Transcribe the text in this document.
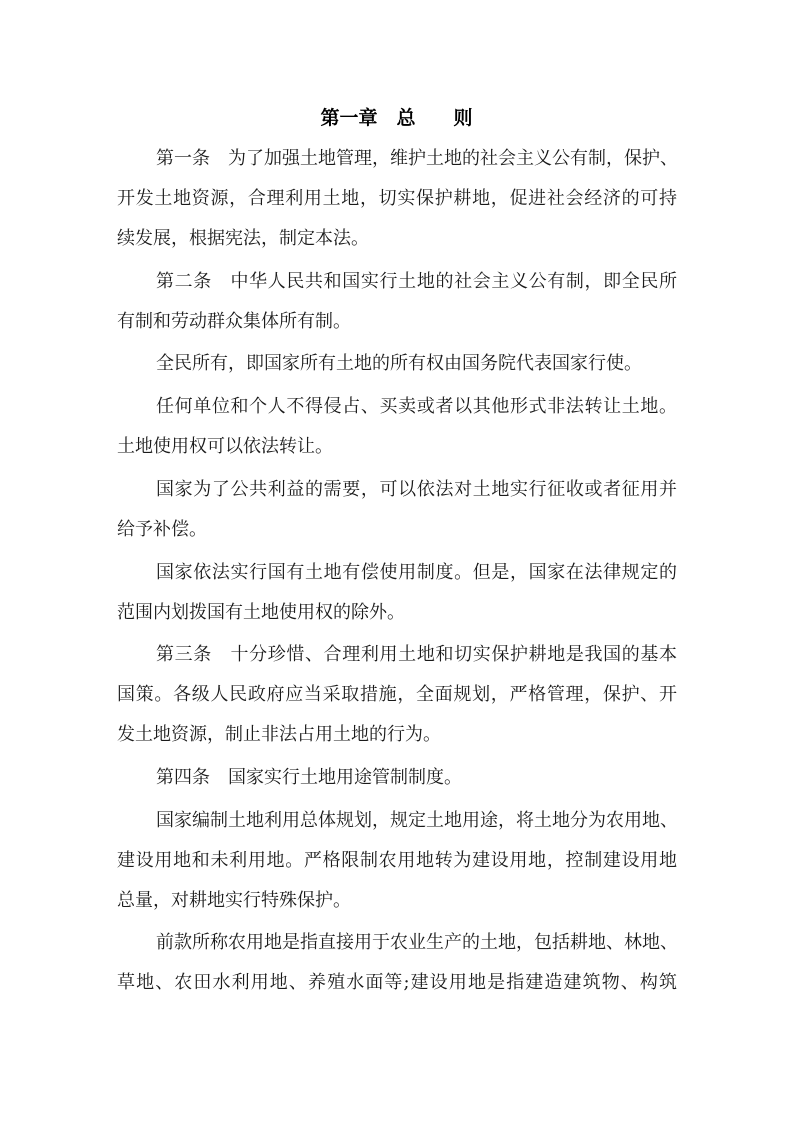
第一章　总　　则
第一条　为了加强土地管理，维护土地的社会主义公有制，保护、
开发土地资源，合理利用土地，切实保护耕地，促进社会经济的可持
续发展，根据宪法，制定本法。
第二条　中华人民共和国实行土地的社会主义公有制，即全民所
有制和劳动群众集体所有制。
全民所有，即国家所有土地的所有权由国务院代表国家行使。
任何单位和个人不得侵占、买卖或者以其他形式非法转让土地。
土地使用权可以依法转让。
国家为了公共利益的需要，可以依法对土地实行征收或者征用并
给予补偿。
国家依法实行国有土地有偿使用制度。但是，国家在法律规定的
范围内划拨国有土地使用权的除外。
第三条　十分珍惜、合理利用土地和切实保护耕地是我国的基本
国策。各级人民政府应当采取措施，全面规划，严格管理，保护、开
发土地资源，制止非法占用土地的行为。
第四条　国家实行土地用途管制制度。
国家编制土地利用总体规划，规定土地用途，将土地分为农用地、
建设用地和未利用地。严格限制农用地转为建设用地，控制建设用地
总量，对耕地实行特殊保护。
前款所称农用地是指直接用于农业生产的土地，包括耕地、林地、
草地、农田水利用地、养殖水面等;建设用地是指建造建筑物、构筑
